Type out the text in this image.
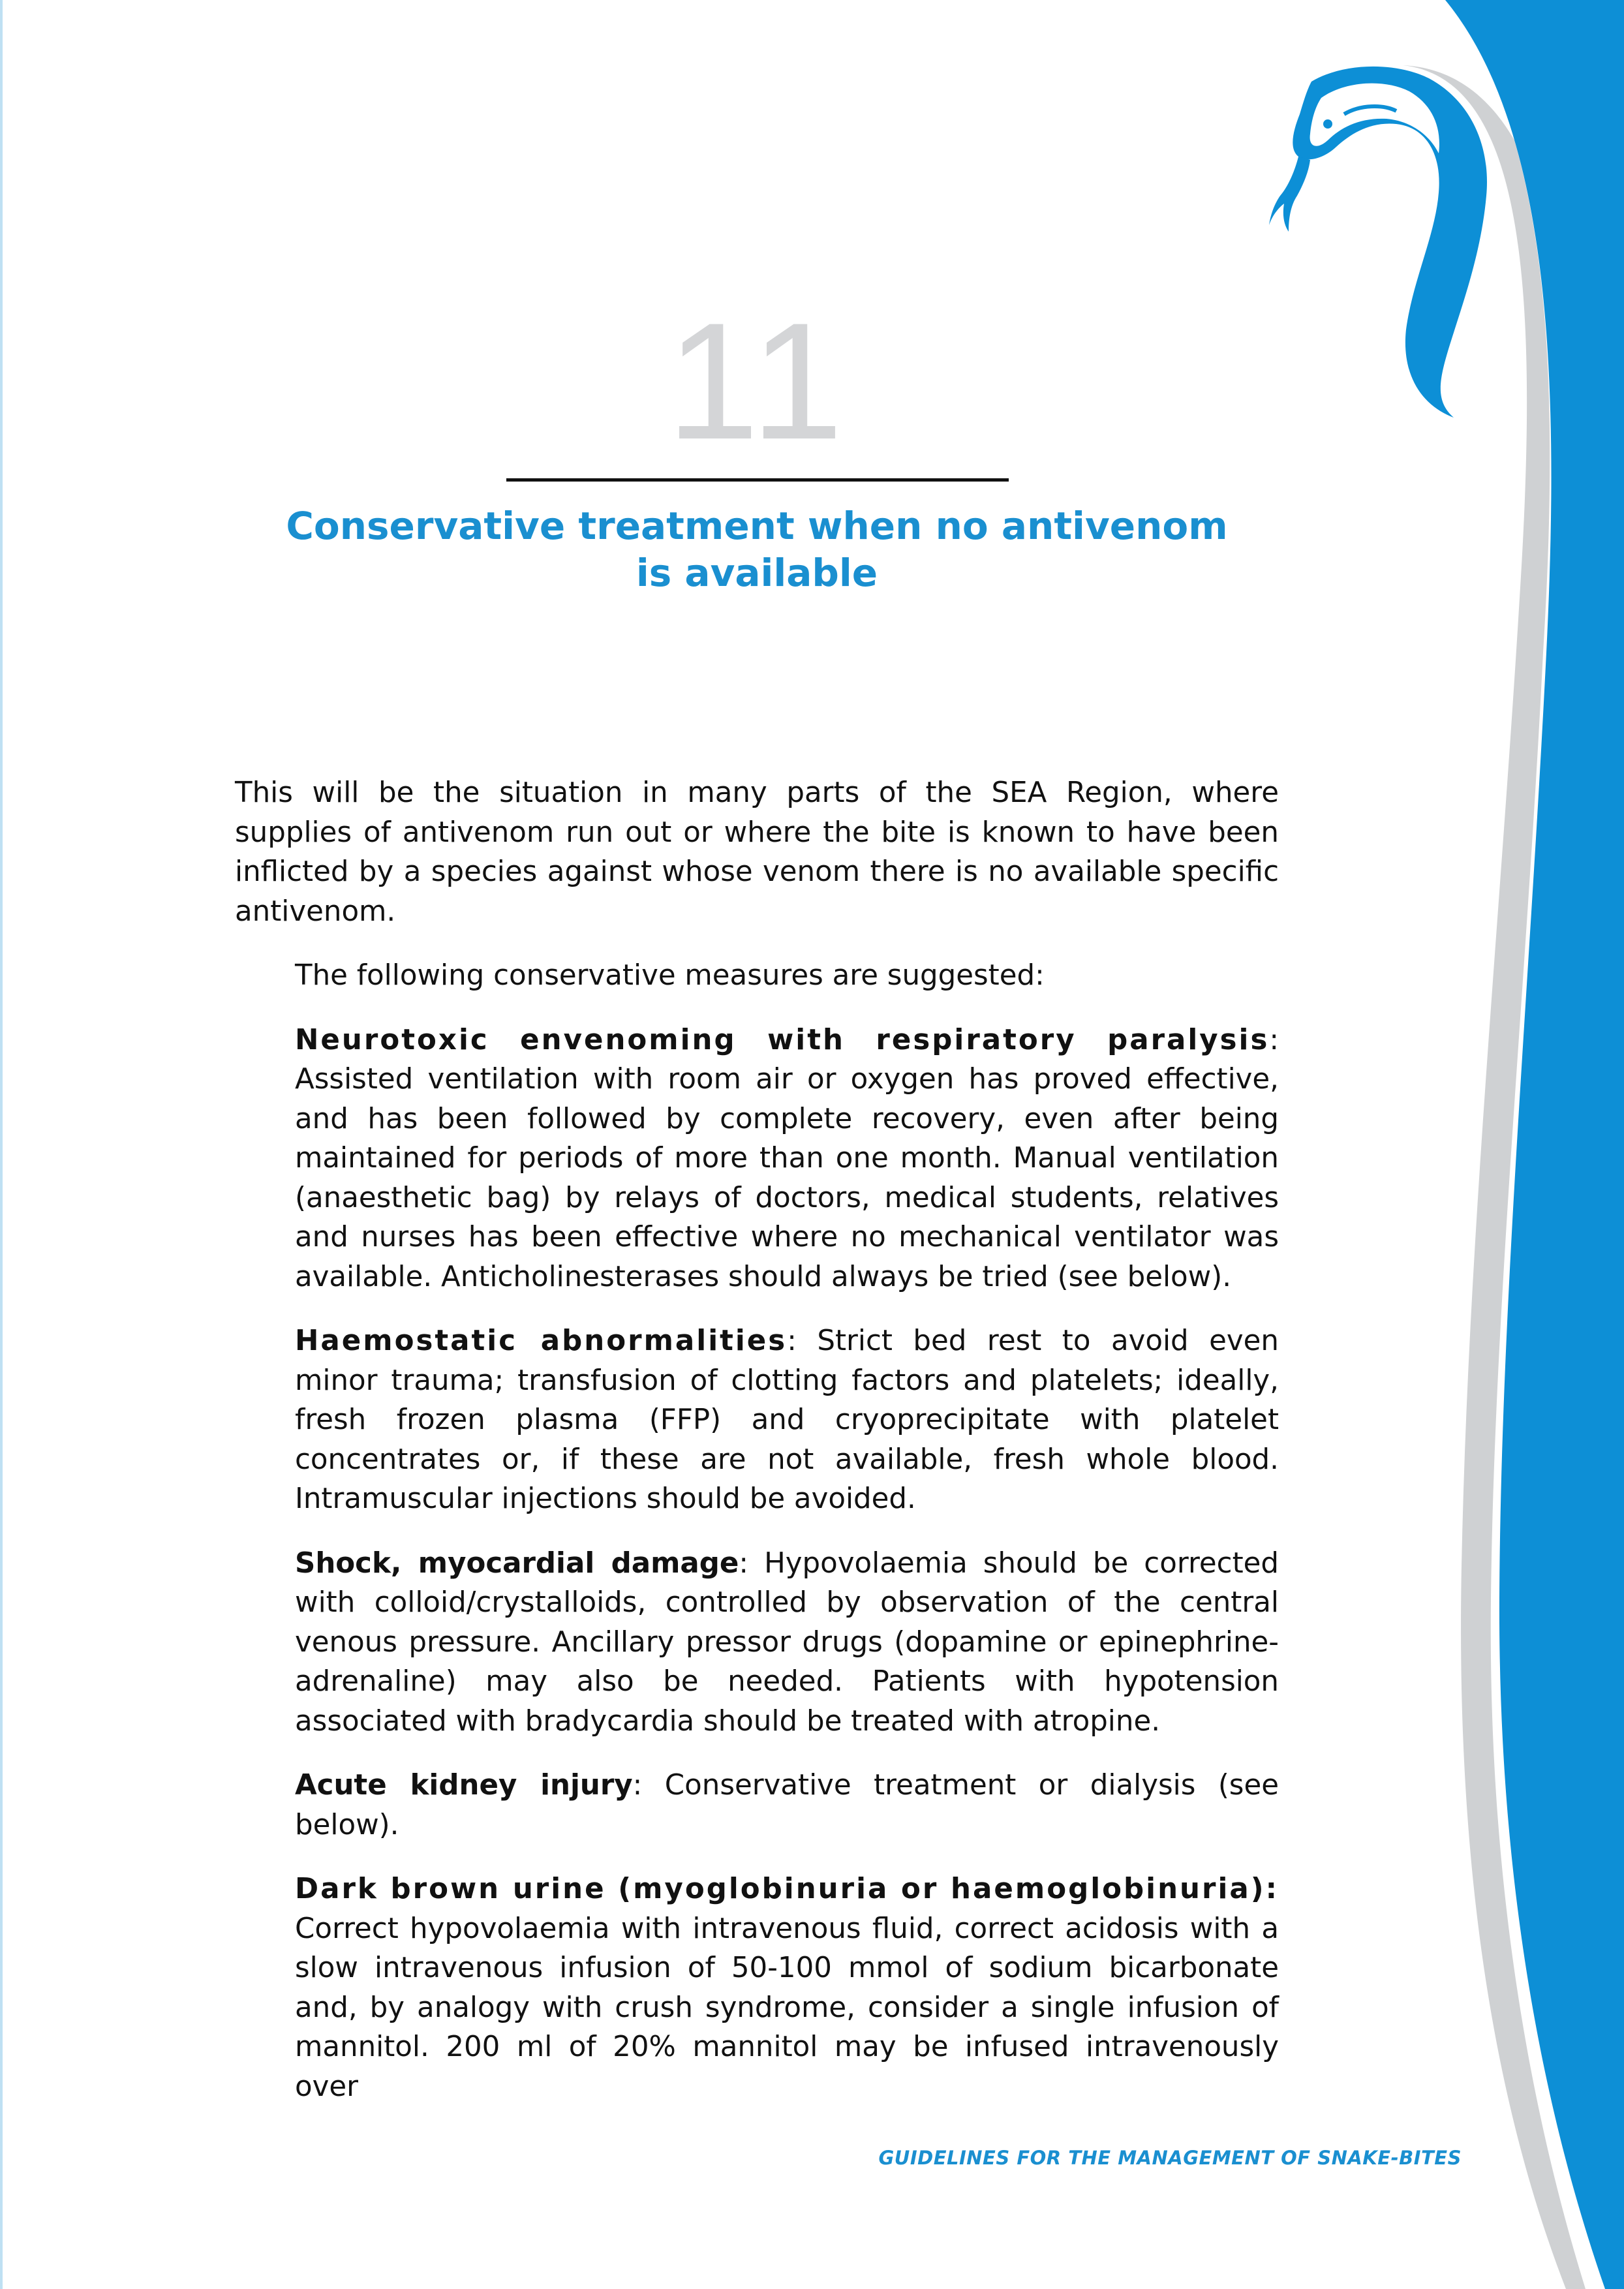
11
Conservative treatment when no antivenom
is available

This will be the situation in many parts of the SEA Region, where supplies of antivenom run out or where the bite is known to have been inflicted by a species against whose venom there is no available specific antivenom.

The following conservative measures are suggested:

Neurotoxic envenoming with respiratory paralysis: Assisted ventilation with room air or oxygen has proved effective, and has been followed by complete recovery, even after being maintained for periods of more than one month. Manual ventilation (anaesthetic bag) by relays of doctors, medical students, relatives and nurses has been effective where no mechanical ventilator was available. Anticholinesterases should always be tried (see below).

Haemostatic abnormalities: Strict bed rest to avoid even minor trauma; transfusion of clotting factors and platelets; ideally, fresh frozen plasma (FFP) and cryoprecipitate with platelet concentrates or, if these are not available, fresh whole blood. Intramuscular injections should be avoided.

Shock, myocardial damage: Hypovolaemia should be corrected with colloid/crystalloids, controlled by observation of the central venous pressure. Ancillary pressor drugs (dopamine or epinephrine-adrenaline) may also be needed. Patients with hypotension associated with bradycardia should be treated with atropine.

Acute kidney injury: Conservative treatment or dialysis (see below).

Dark brown urine (myoglobinuria or haemoglobinuria): Correct hypovolaemia with intravenous fluid, correct acidosis with a slow intravenous infusion of 50-100 mmol of sodium bicarbonate and, by analogy with crush syndrome, consider a single infusion of mannitol. 200 ml of 20% mannitol may be infused intravenously over

GUIDELINES FOR THE MANAGEMENT OF SNAKE-BITES
